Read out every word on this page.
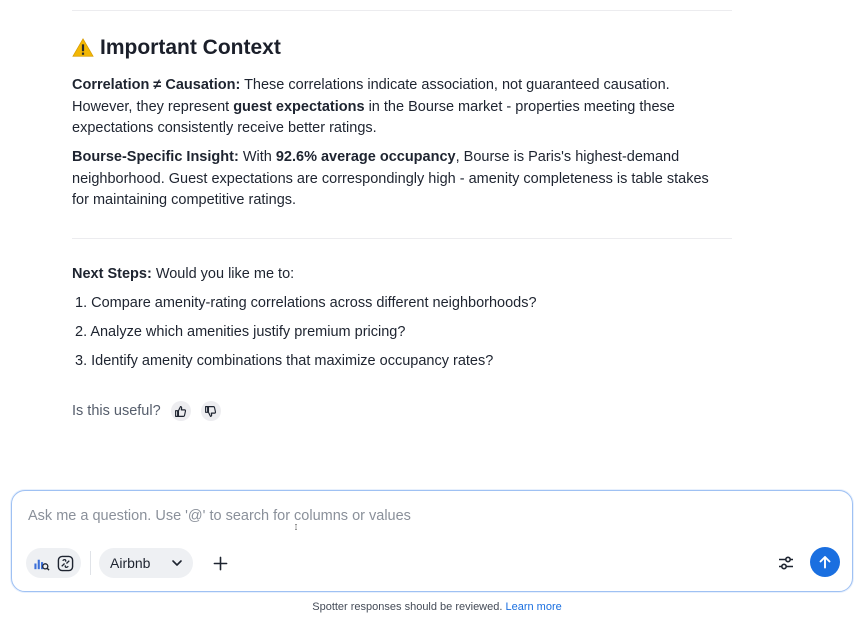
Important Context
Correlation ≠ Causation: These correlations indicate association, not guaranteed causation. However, they represent guest expectations in the Bourse market - properties meeting these expectations consistently receive better ratings.
Bourse-Specific Insight: With 92.6% average occupancy, Bourse is Paris's highest-demand neighborhood. Guest expectations are correspondingly high - amenity completeness is table stakes for maintaining competitive ratings.
Next Steps: Would you like me to:
1. Compare amenity-rating correlations across different neighborhoods?
2. Analyze which amenities justify premium pricing?
3. Identify amenity combinations that maximize occupancy rates?
Is this useful?
Ask me a question. Use '@' to search for columns or values
Airbnb
Spotter responses should be reviewed. Learn more
